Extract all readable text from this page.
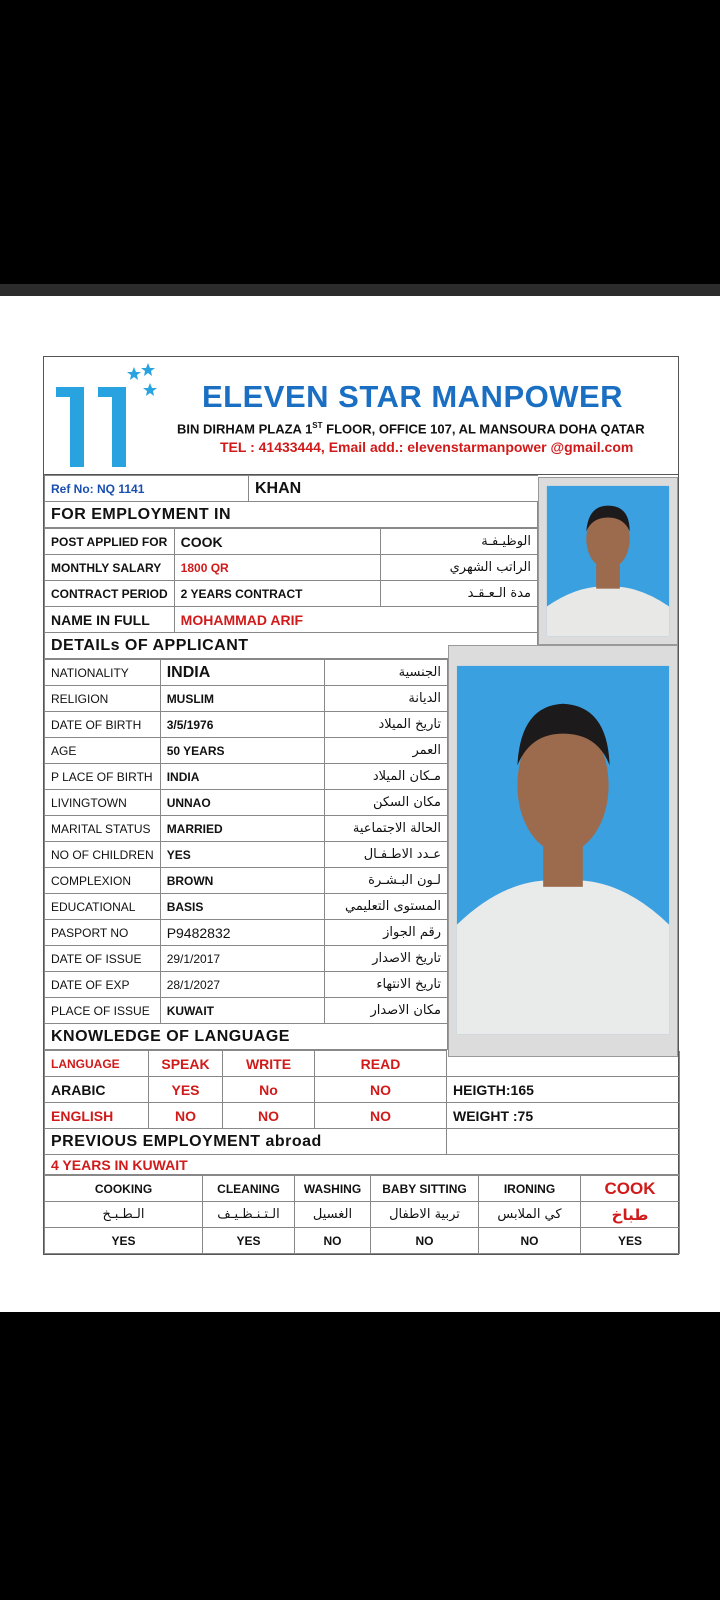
ELEVEN STAR MANPOWER
BIN DIRHAM PLAZA 1ST FLOOR, OFFICE 107, AL MANSOURA DOHA QATAR
TEL : 41433444, Email add.: elevenstarmanpower @gmail.com
Ref No: NQ 1141	KHAN
FOR EMPLOYMENT IN
POST APPLIED FOR	COOK	الوظيـفـة
MONTHLY SALARY	1800 QR	الراتب الشهري
CONTRACT PERIOD	2 YEARS CONTRACT	مدة الـعـقـد
NAME IN FULL	MOHAMMAD ARIF	
DETAILs OF APPLICANT		
NATIONALITY	INDIA	الجنسية
RELIGION	MUSLIM	الديانة
DATE OF BIRTH	3/5/1976	تاريخ الميلاد
AGE	50 YEARS	العمر
P LACE OF BIRTH	INDIA	مـكان الميلاد
LIVINGTOWN	UNNAO	مكان السكن
MARITAL STATUS	MARRIED	الحالة الاجتماعية
NO OF CHILDREN	YES	عـدد الاطـفـال
COMPLEXION	BROWN	لـون البـشـرة
EDUCATIONAL	BASIS	المستوى التعليمي
PASPORT NO	P9482832	رقم الجواز
DATE OF ISSUE	29/1/2017	تاريخ الاصدار
DATE OF EXP	28/1/2027	تاريخ الانتهاء
PLACE OF ISSUE	KUWAIT	مكان الاصدار
KNOWLEDGE OF LANGUAGE		
LANGUAGE	SPEAK	WRITE	READ	
ARABIC	YES	No	NO	HEIGTH:165
ENGLISH	NO	NO	NO	WEIGHT :75
PREVIOUS EMPLOYMENT abroad				
4 YEARS IN KUWAIT				
COOKING	CLEANING	WASHING	BABY SITTING	IRONING	COOK
الـطـبـخ	الـتـنـظـيـف	الغسيل	تربية الاطفال	كي الملابس	طباخ
YES	YES	NO	NO	NO	YES
